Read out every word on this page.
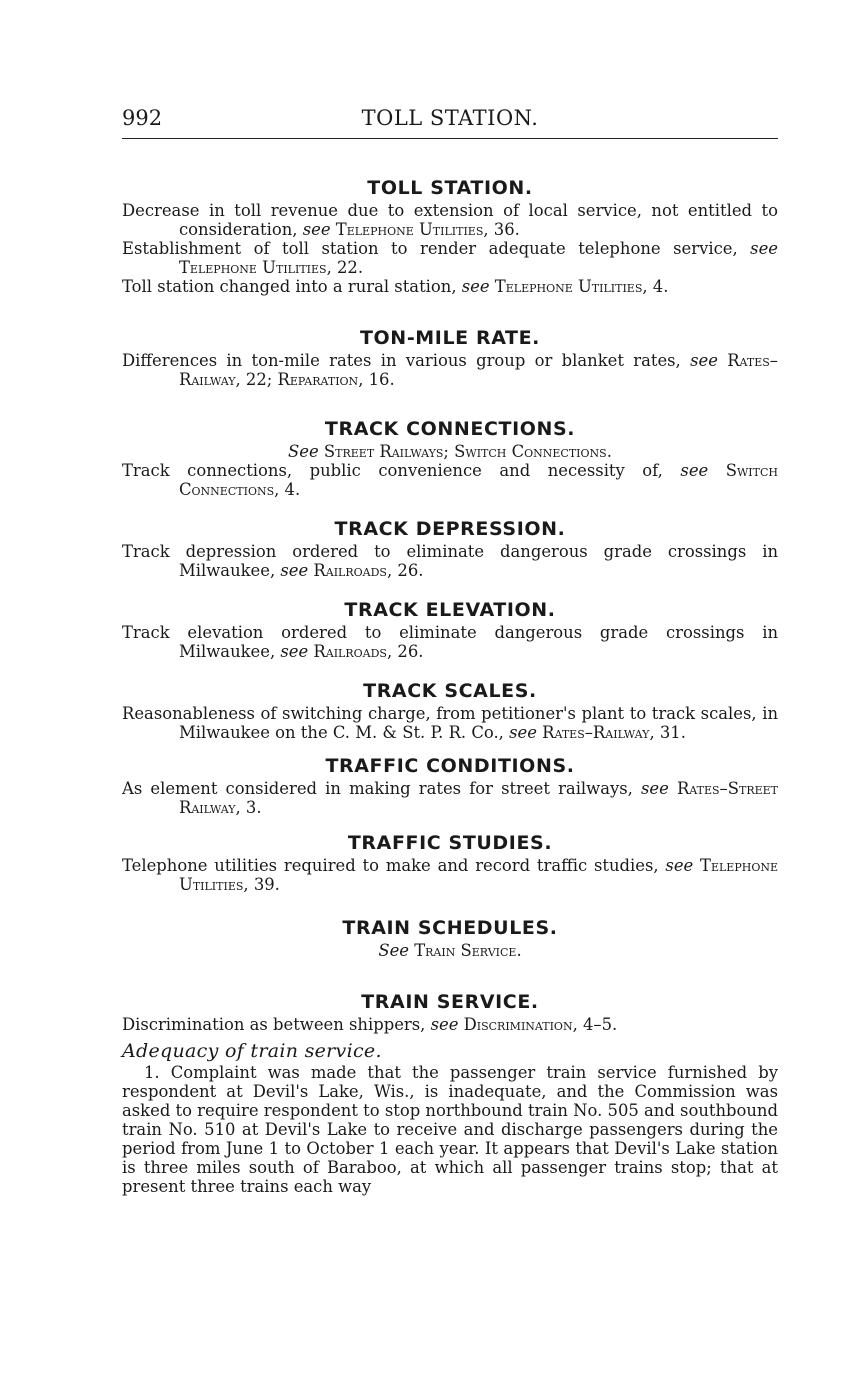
992	TOLL STATION.
TOLL STATION.

Decrease in toll revenue due to extension of local service, not entitled to consideration, see Telephone Utilities, 36.

Establishment of toll station to render adequate telephone service, see Telephone Utilities, 22.

Toll station changed into a rural station, see Telephone Utilities, 4.

TON-MILE RATE.

Differences in ton-mile rates in various group or blanket rates, see Rates–Railway, 22; Reparation, 16.

TRACK CONNECTIONS.

See Street Railways; Switch Connections.

Track connections, public convenience and necessity of, see Switch Connections, 4.

TRACK DEPRESSION.

Track depression ordered to eliminate dangerous grade crossings in Milwaukee, see Railroads, 26.

TRACK ELEVATION.

Track elevation ordered to eliminate dangerous grade crossings in Milwaukee, see Railroads, 26.

TRACK SCALES.

Reasonableness of switching charge, from petitioner's plant to track scales, in Milwaukee on the C. M. & St. P. R. Co., see Rates–Railway, 31.

TRAFFIC CONDITIONS.

As element considered in making rates for street railways, see Rates–Street Railway, 3.

TRAFFIC STUDIES.

Telephone utilities required to make and record traffic studies, see Telephone Utilities, 39.

TRAIN SCHEDULES.

See Train Service.

TRAIN SERVICE.

Discrimination as between shippers, see Discrimination, 4–5.

Adequacy of train service.

1. Complaint was made that the passenger train service furnished by respondent at Devil's Lake, Wis., is inadequate, and the Commission was asked to require respondent to stop northbound train No. 505 and southbound train No. 510 at Devil's Lake to receive and discharge passengers during the period from June 1 to October 1 each year. It appears that Devil's Lake station is three miles south of Baraboo, at which all passenger trains stop; that at present three trains each way
